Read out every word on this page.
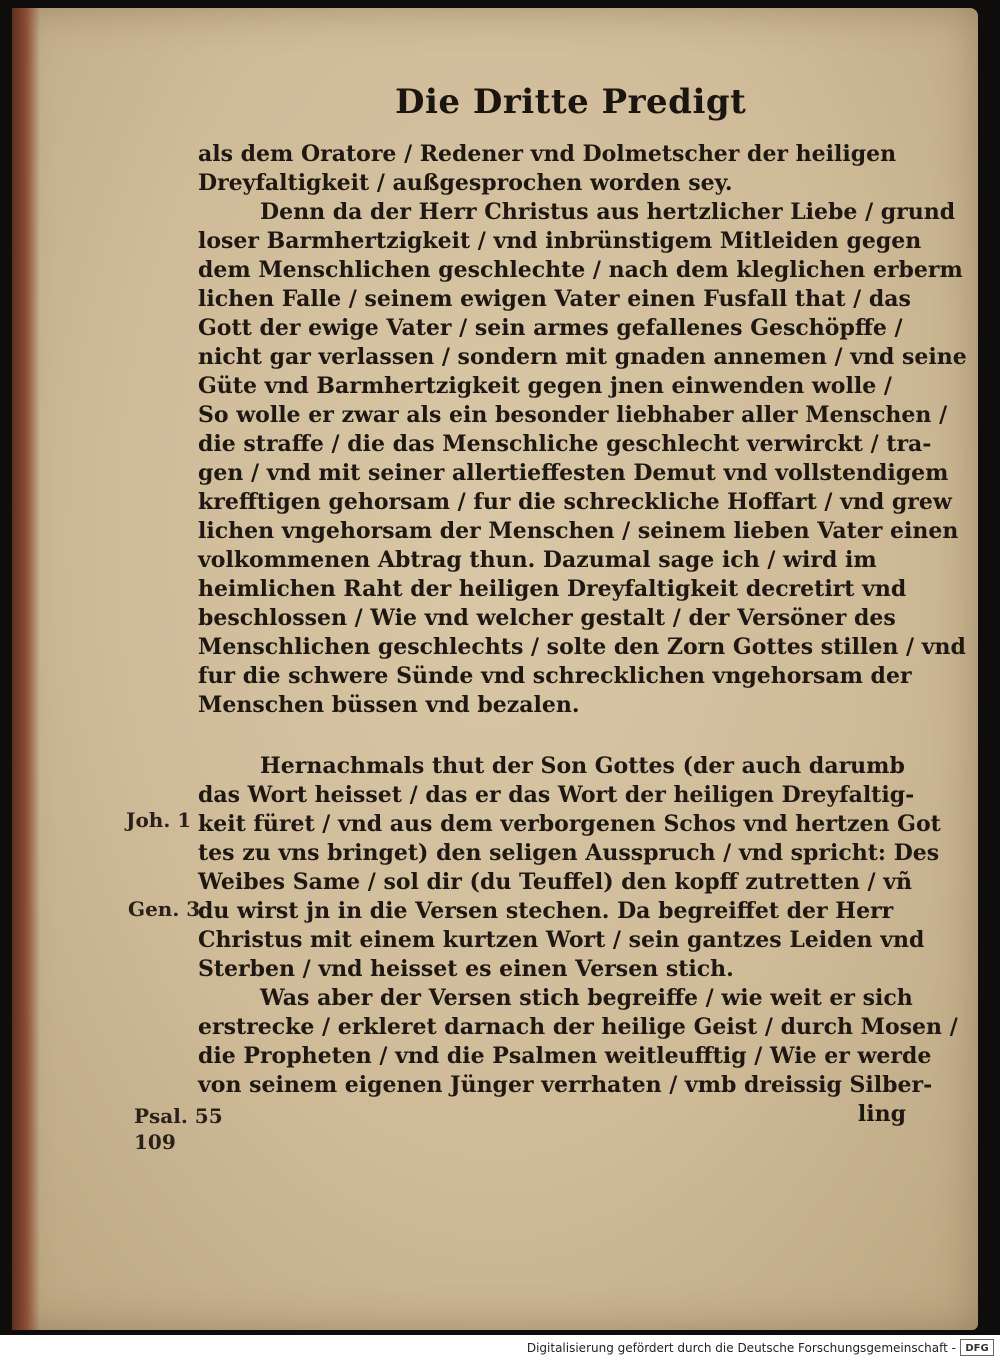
Die Dritte Predigt
als dem Oratore / Redener vnd Dolmetscher der heiligen
Dreyfaltigkeit / außgesprochen worden sey.
Denn da der Herr Christus aus hertzlicher Liebe / grund
loser Barmhertzigkeit / vnd inbrünstigem Mitleiden gegen
dem Menschlichen geschlechte / nach dem kleglichen erberm
lichen Falle / seinem ewigen Vater einen Fusfall that / das
Gott der ewige Vater / sein armes gefallenes Geschöpffe /
nicht gar verlassen / sondern mit gnaden annemen / vnd seine
Güte vnd Barmhertzigkeit gegen jnen einwenden wolle /
So wolle er zwar als ein besonder liebhaber aller Menschen /
die straffe / die das Menschliche geschlecht verwirckt / tra-
gen / vnd mit seiner allertieffesten Demut vnd vollstendigem
krefftigen gehorsam / fur die schreckliche Hoffart / vnd grew
lichen vngehorsam der Menschen / seinem lieben Vater einen
volkommenen Abtrag thun. Dazumal sage ich / wird im
heimlichen Raht der heiligen Dreyfaltigkeit decretirt vnd
beschlossen / Wie vnd welcher gestalt / der Versöner des
Menschlichen geschlechts / solte den Zorn Gottes stillen / vnd
fur die schwere Sünde vnd schrecklichen vngehorsam der
Menschen büssen vnd bezalen.
Hernachmals thut der Son Gottes (der auch darumb
das Wort heisset / das er das Wort der heiligen Dreyfaltig-
keit füret / vnd aus dem verborgenen Schos vnd hertzen Got
tes zu vns bringet) den seligen Ausspruch / vnd spricht: Des
Weibes Same / sol dir (du Teuffel) den kopff zutretten / vñ
du wirst jn in die Versen stechen. Da begreiffet der Herr
Christus mit einem kurtzen Wort / sein gantzes Leiden vnd
Sterben / vnd heisset es einen Versen stich.
Was aber der Versen stich begreiffe / wie weit er sich
erstrecke / erkleret darnach der heilige Geist / durch Mosen /
die Propheten / vnd die Psalmen weitleufftig / Wie er werde
von seinem eigenen Jünger verrhaten / vmb dreissig Silber-
ling
Joh. 1
Gen. 3
Psal. 55
109
Digitalisierung gefördert durch die Deutsche Forschungsgemeinschaft - DFG
